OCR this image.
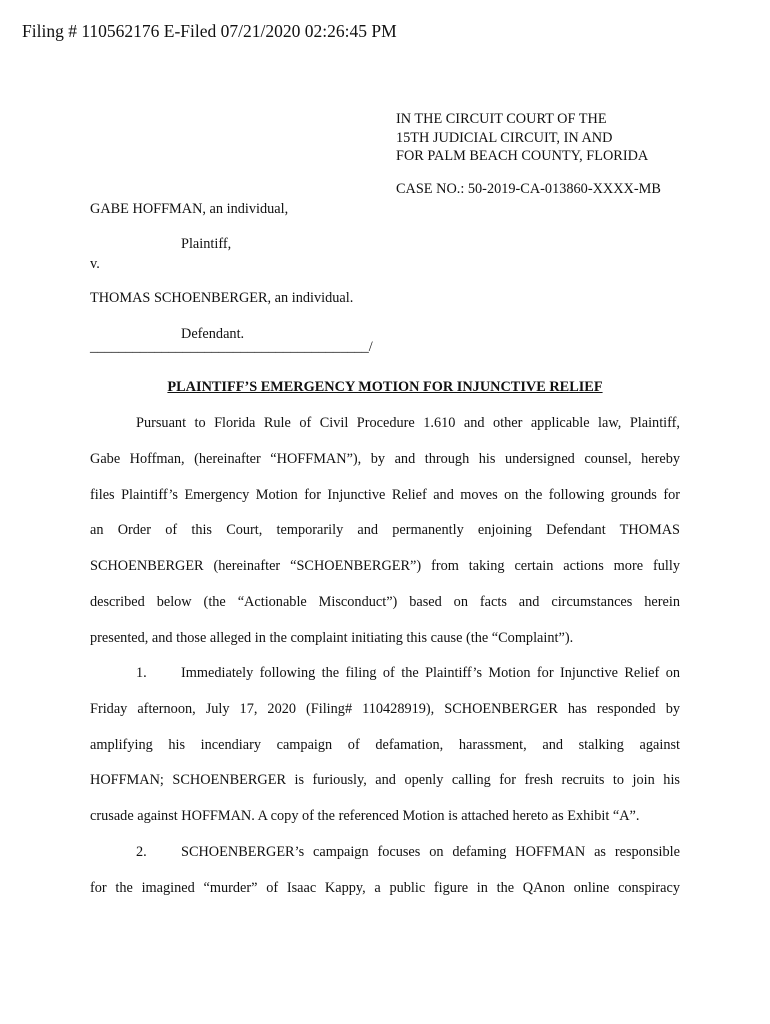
Filing # 110562176 E-Filed 07/21/2020 02:26:45 PM
IN THE CIRCUIT COURT OF THE
15TH JUDICIAL CIRCUIT, IN AND
FOR PALM BEACH COUNTY, FLORIDA
CASE NO.: 50-2019-CA-013860-XXXX-MB
GABE HOFFMAN, an individual,
Plaintiff,
v.
THOMAS SCHOENBERGER, an individual.
Defendant.
_______________________________________/
PLAINTIFF’S EMERGENCY MOTION FOR INJUNCTIVE RELIEF
Pursuant to Florida Rule of Civil Procedure 1.610 and other applicable law, Plaintiff,
Gabe Hoffman, (hereinafter “HOFFMAN”), by and through his undersigned counsel, hereby
files Plaintiff’s Emergency Motion for Injunctive Relief and moves on the following grounds for
an Order of this Court, temporarily and permanently enjoining Defendant THOMAS
SCHOENBERGER (hereinafter “SCHOENBERGER”) from taking certain actions more fully
described below (the “Actionable Misconduct”) based on facts and circumstances herein
presented, and those alleged in the complaint initiating this cause (the “Complaint”).
1. Immediately following the filing of the Plaintiff’s Motion for Injunctive Relief on
Friday afternoon, July 17, 2020 (Filing# 110428919), SCHOENBERGER has responded by
amplifying his incendiary campaign of defamation, harassment, and stalking against
HOFFMAN; SCHOENBERGER is furiously, and openly calling for fresh recruits to join his
crusade against HOFFMAN. A copy of the referenced Motion is attached hereto as Exhibit “A”.
2. SCHOENBERGER’s campaign focuses on defaming HOFFMAN as responsible
for the imagined “murder” of Isaac Kappy, a public figure in the QAnon online conspiracy
